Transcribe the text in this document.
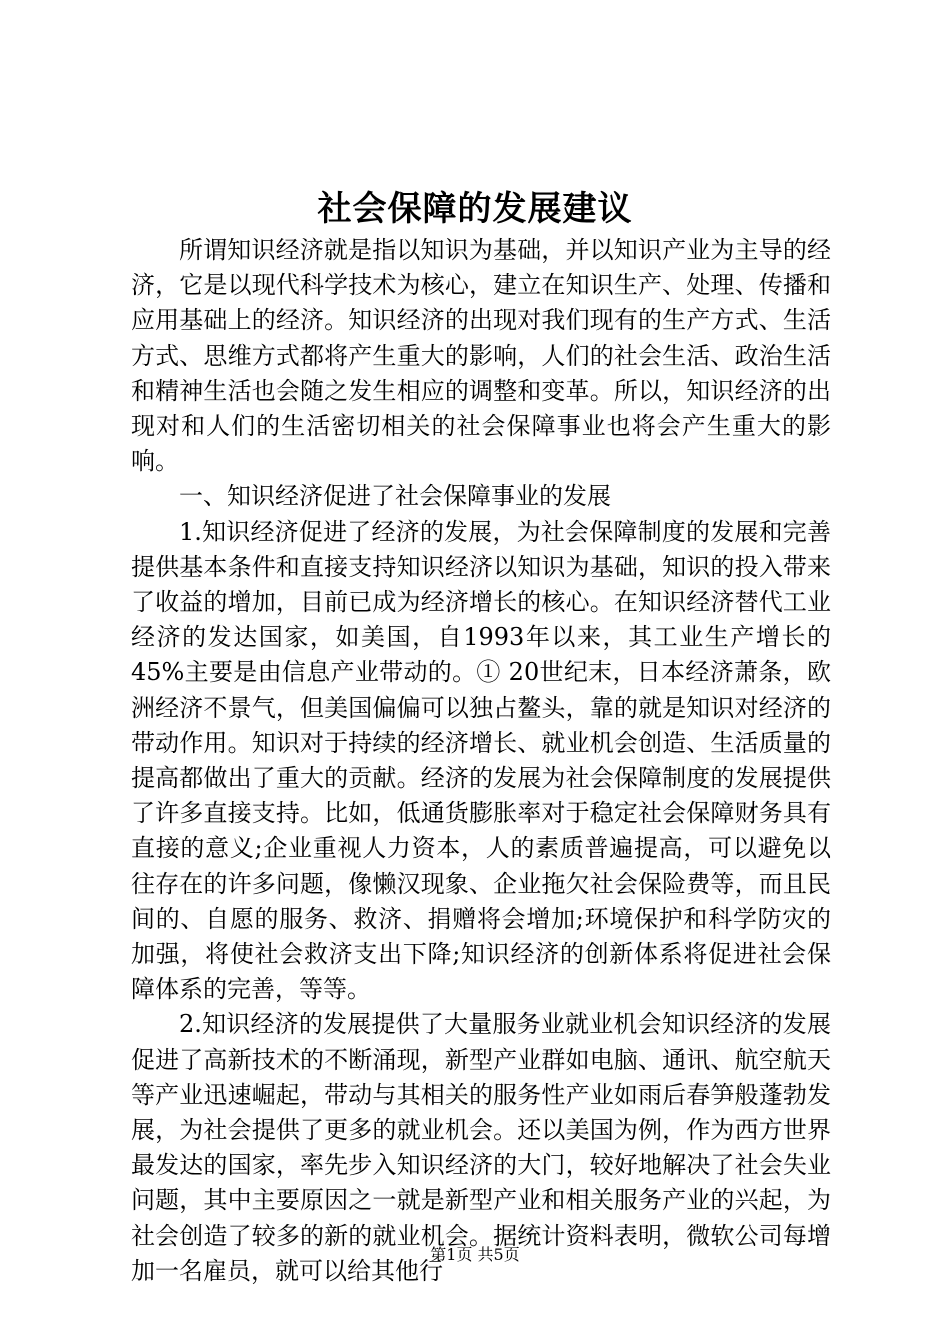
社会保障的发展建议

所谓知识经济就是指以知识为基础，并以知识产业为主导的经济，它是以现代科学技术为核心，建立在知识生产、处理、传播和应用基础上的经济。知识经济的出现对我们现有的生产方式、生活方式、思维方式都将产生重大的影响，人们的社会生活、政治生活和精神生活也会随之发生相应的调整和变革。所以，知识经济的出现对和人们的生活密切相关的社会保障事业也将会产生重大的影响。

一、知识经济促进了社会保障事业的发展

1.知识经济促进了经济的发展，为社会保障制度的发展和完善提供基本条件和直接支持知识经济以知识为基础，知识的投入带来了收益的增加，目前已成为经济增长的核心。在知识经济替代工业经济的发达国家，如美国，自1993年以来，其工业生产增长的45%主要是由信息产业带动的。① 20世纪末，日本经济萧条，欧洲经济不景气，但美国偏偏可以独占鳌头，靠的就是知识对经济的带动作用。知识对于持续的经济增长、就业机会创造、生活质量的提高都做出了重大的贡献。经济的发展为社会保障制度的发展提供了许多直接支持。比如，低通货膨胀率对于稳定社会保障财务具有直接的意义;企业重视人力资本，人的素质普遍提高，可以避免以往存在的许多问题，像懒汉现象、企业拖欠社会保险费等，而且民间的、自愿的服务、救济、捐赠将会增加;环境保护和科学防灾的加强，将使社会救济支出下降;知识经济的创新体系将促进社会保障体系的完善，等等。

2.知识经济的发展提供了大量服务业就业机会知识经济的发展促进了高新技术的不断涌现，新型产业群如电脑、通讯、航空航天等产业迅速崛起，带动与其相关的服务性产业如雨后春笋般蓬勃发展，为社会提供了更多的就业机会。还以美国为例，作为西方世界最发达的国家，率先步入知识经济的大门，较好地解决了社会失业问题，其中主要原因之一就是新型产业和相关服务产业的兴起，为社会创造了较多的新的就业机会。据统计资料表明，微软公司每增加一名雇员，就可以给其他行

第1页 共5页
